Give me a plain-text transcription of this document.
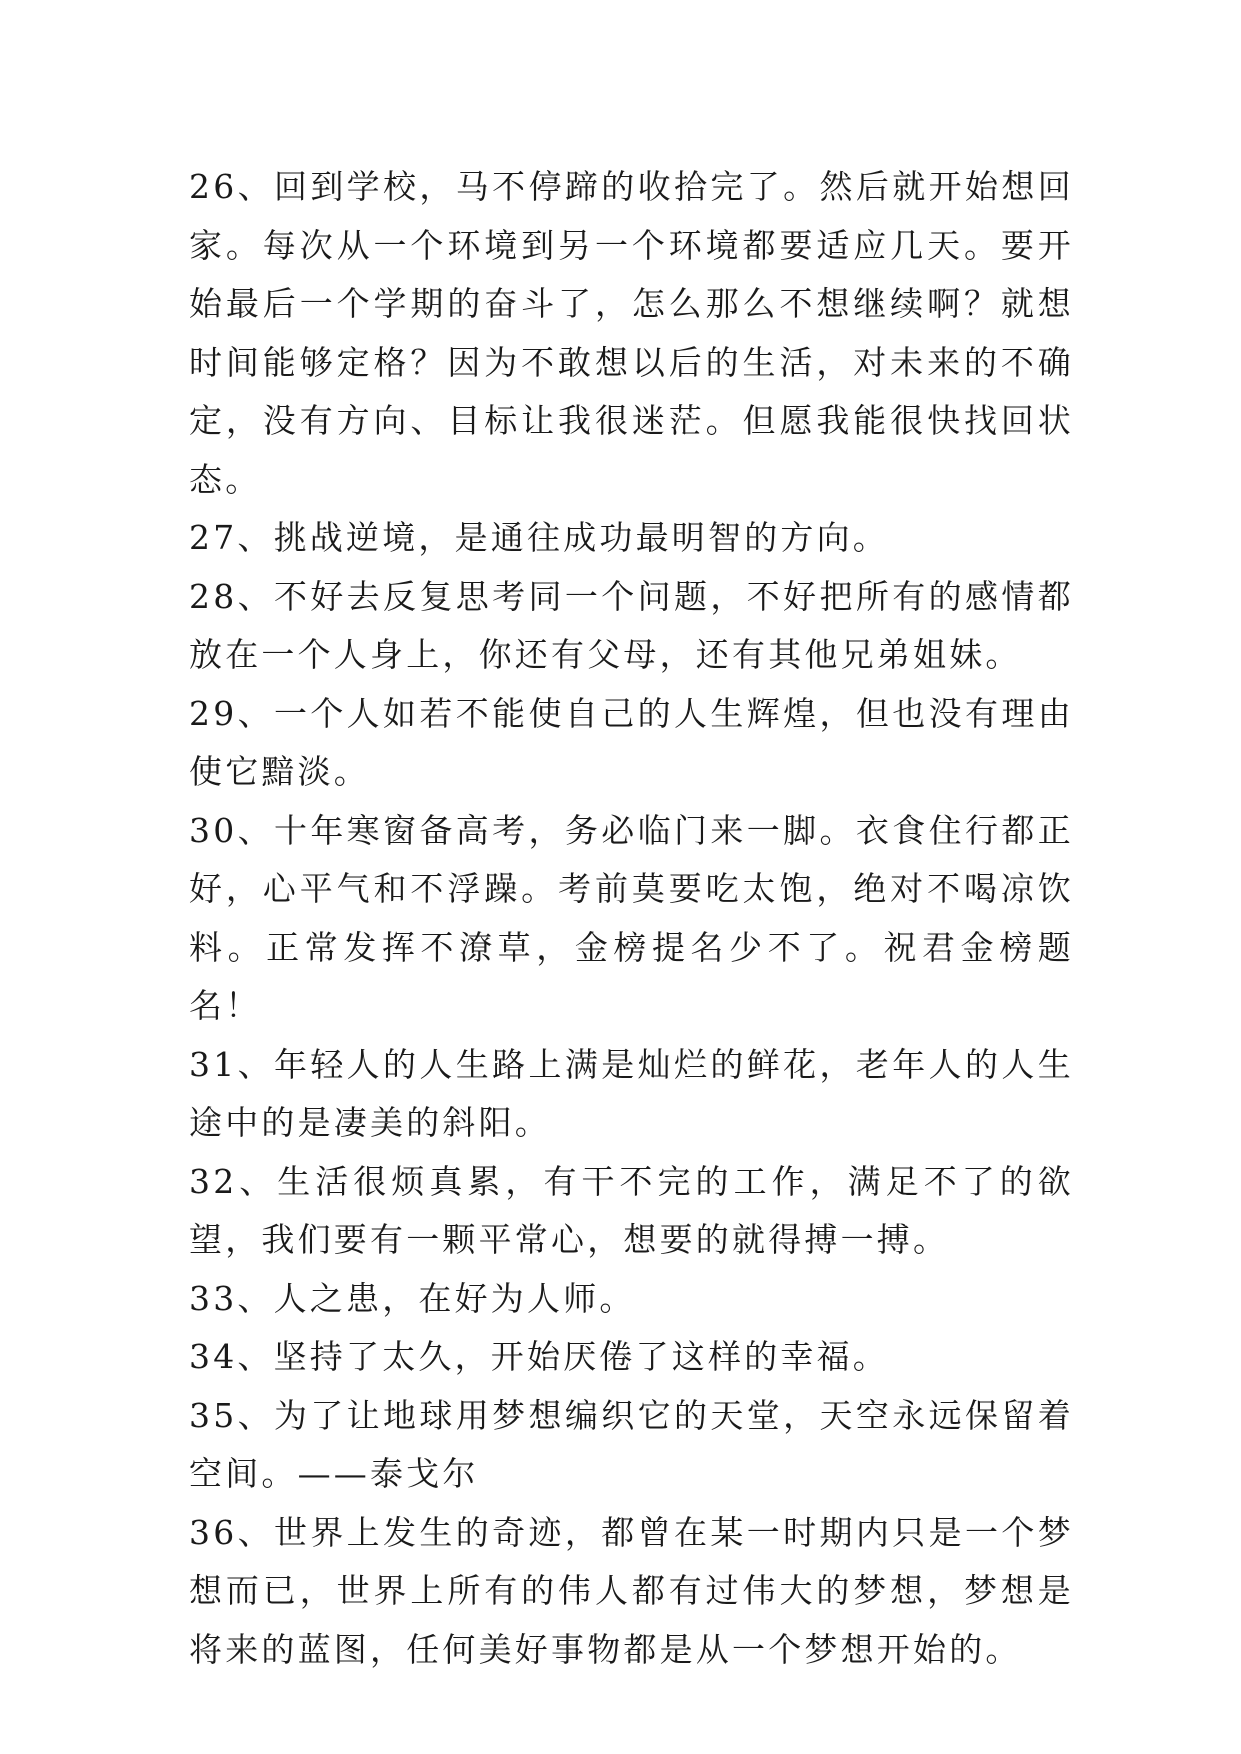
26、回到学校，马不停蹄的收拾完了。然后就开始想回家。每次从一个环境到另一个环境都要适应几天。要开始最后一个学期的奋斗了，怎么那么不想继续啊？就想时间能够定格？因为不敢想以后的生活，对未来的不确定，没有方向、目标让我很迷茫。但愿我能很快找回状态。

27、挑战逆境，是通往成功最明智的方向。

28、不好去反复思考同一个问题，不好把所有的感情都放在一个人身上，你还有父母，还有其他兄弟姐妹。

29、一个人如若不能使自己的人生辉煌，但也没有理由使它黯淡。

30、十年寒窗备高考，务必临门来一脚。衣食住行都正好，心平气和不浮躁。考前莫要吃太饱，绝对不喝凉饮料。正常发挥不潦草，金榜提名少不了。祝君金榜题名！

31、年轻人的人生路上满是灿烂的鲜花，老年人的人生途中的是凄美的斜阳。

32、生活很烦真累，有干不完的工作，满足不了的欲望，我们要有一颗平常心，想要的就得搏一搏。

33、人之患，在好为人师。

34、坚持了太久，开始厌倦了这样的幸福。

35、为了让地球用梦想编织它的天堂，天空永远保留着空间。——泰戈尔

36、世界上发生的奇迹，都曾在某一时期内只是一个梦想而已，世界上所有的伟人都有过伟大的梦想，梦想是将来的蓝图，任何美好事物都是从一个梦想开始的。
